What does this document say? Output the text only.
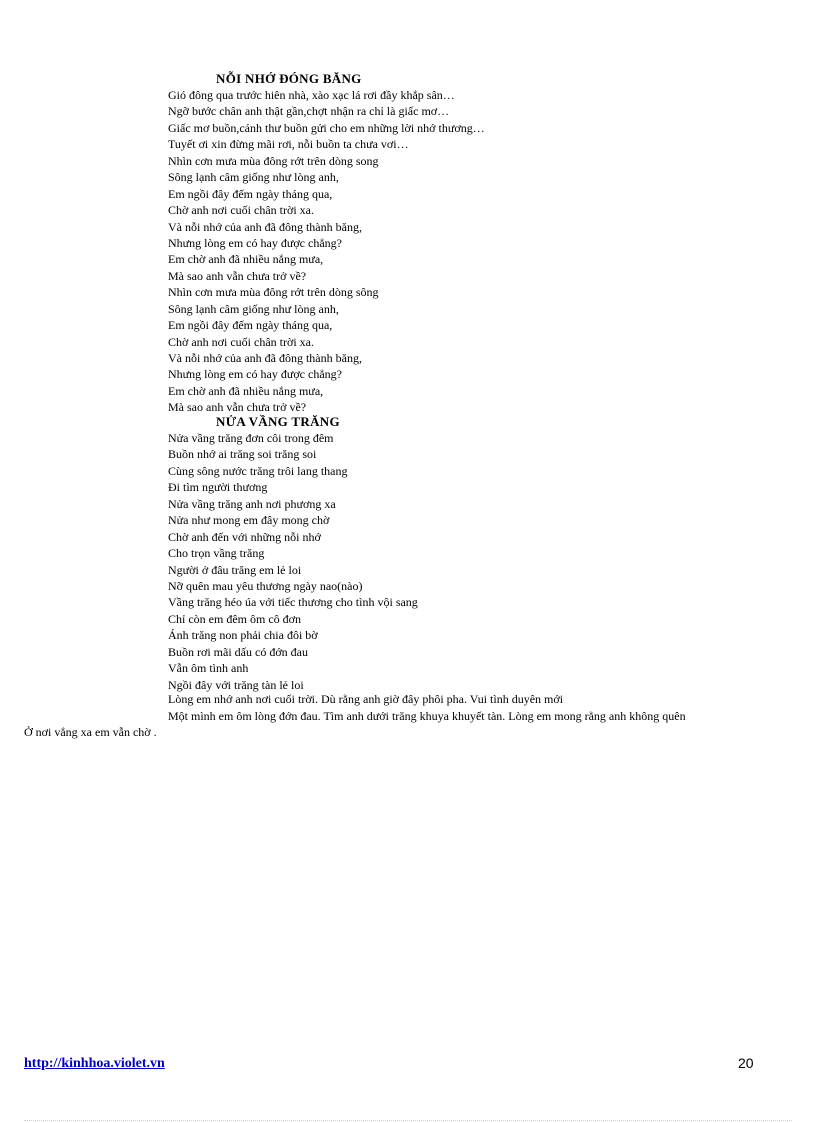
NỖI NHỚ ĐÓNG BĂNG
Gió đông qua trước hiên nhà, xào xạc lá rơi đầy khắp sân…
Ngỡ bước chân anh thật gần,chợt nhận ra chỉ là giấc mơ…
Giấc mơ buồn,cánh thư buồn gửi cho em những lời nhớ thương…
Tuyết ơi xin đừng mãi rơi, nỗi buồn ta chưa vơi…
Nhìn cơn mưa mùa đông rớt trên dòng song
Sông lạnh câm giống như lòng anh,
Em ngồi đây đếm ngày tháng qua,
Chờ anh nơi cuối chân trời xa.
Và nỗi nhớ của anh đã đông thành băng,
Nhưng lòng em có hay được chẳng?
Em chờ anh đã nhiều nắng mưa,
Mà sao anh vẫn chưa trở về?
Nhìn cơn mưa mùa đông rớt trên dòng sông
Sông lạnh câm giống như lòng anh,
Em ngồi đây đếm ngày tháng qua,
Chờ anh nơi cuối chân trời xa.
Và nỗi nhớ của anh đã đông thành băng,
Nhưng lòng em có hay được chẳng?
Em chờ anh đã nhiều nắng mưa,
Mà sao anh vẫn chưa trở về?
NỬA VẦNG TRĂNG
Nửa vầng trăng đơn côi trong đêm
Buồn nhớ ai trăng soi trăng soi
Cùng sông nước trăng trôi lang thang
Đi tìm người thương
Nửa vầng trăng anh nơi phương xa
Nửa như mong em đây mong chờ
Chờ anh đến với những nỗi nhớ
Cho trọn vầng trăng
Người ở đâu trăng em lẻ loi
Nỡ quên mau yêu thương ngày nao(nào)
Vầng trăng héo úa với tiếc thương cho tình vội sang
Chỉ còn em đêm ôm cô đơn
Ánh trăng non phải chia đôi bờ
Buồn rơi mãi dấu có đớn đau
Vẫn ôm tình anh
Ngồi đây với trăng tàn lẻ loi
Lòng em nhớ anh nơi cuối trời. Dù rằng anh giờ đây phôi pha. Vui tình duyên mới
Một mình em ôm lòng đớn đau. Tìm anh dưới trăng khuya khuyết tàn. Lòng em mong rằng anh không quên
Ở nơi vắng xa em vẫn chờ .
http://kinhhoa.violet.vn	20
